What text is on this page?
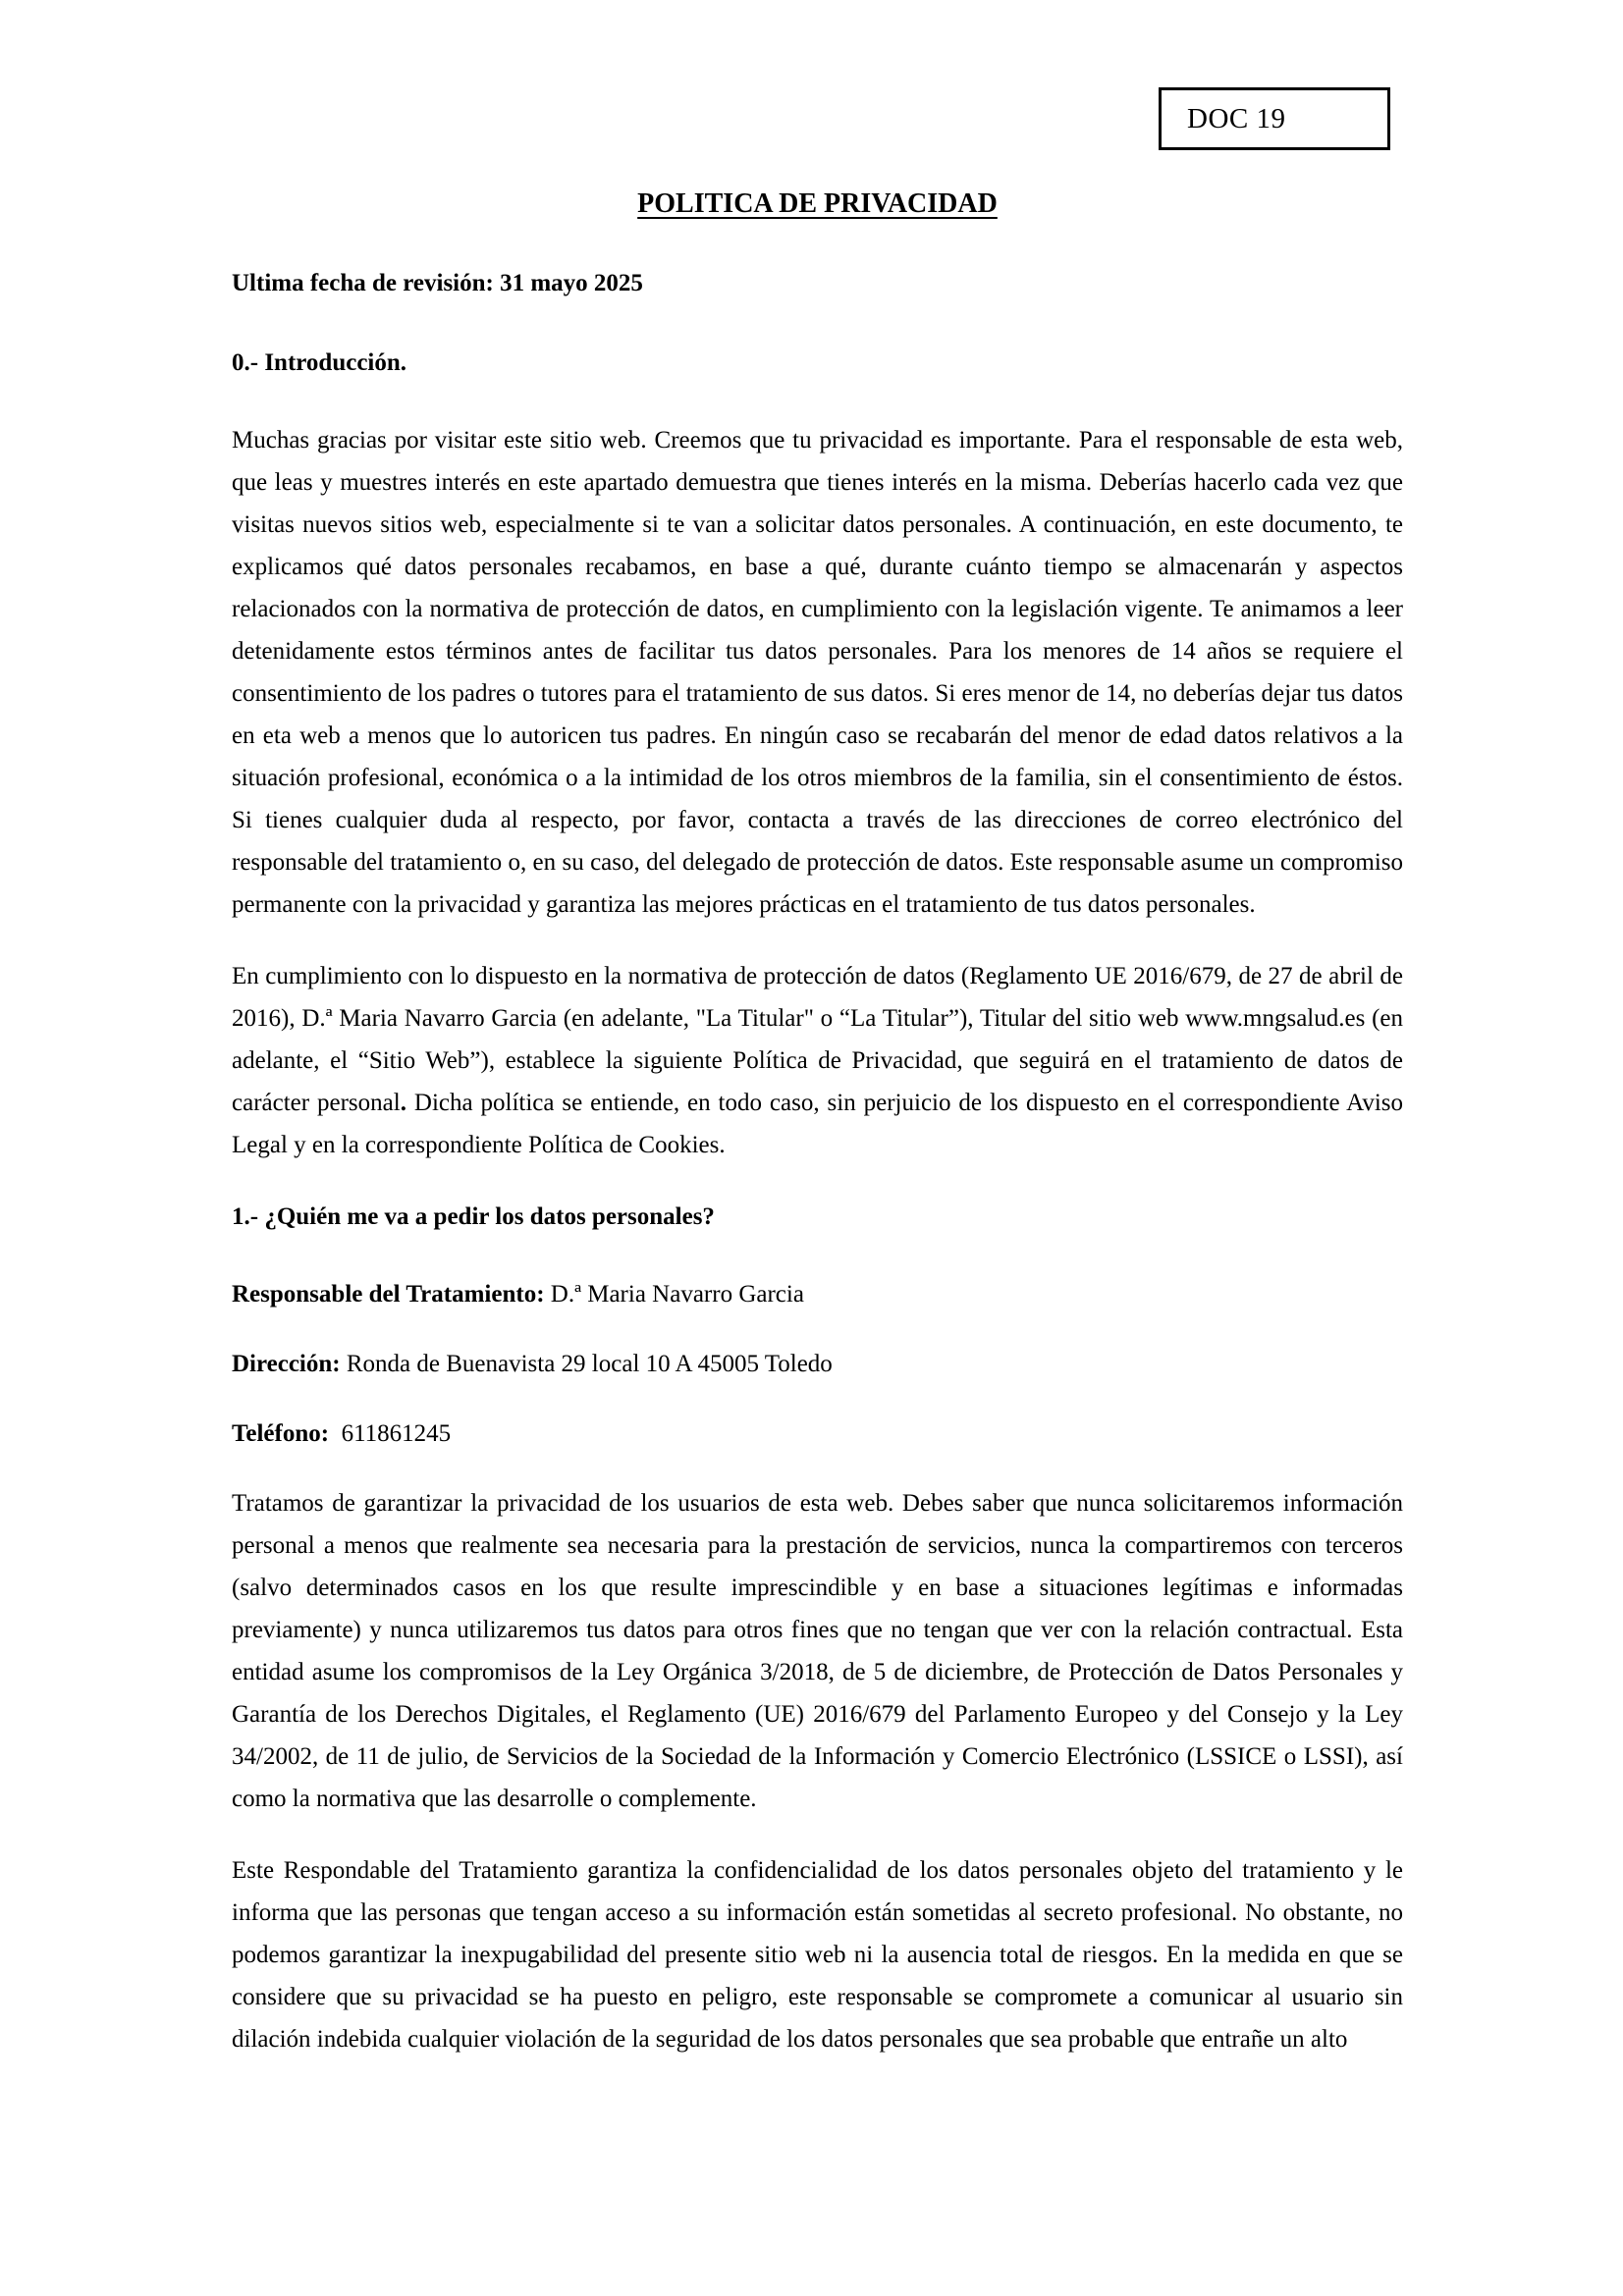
DOC 19
POLITICA DE PRIVACIDAD

Ultima fecha de revisión: 31 mayo 2025

0.- Introducción.

Muchas gracias por visitar este sitio web. Creemos que tu privacidad es importante. Para el responsable de esta web, que leas y muestres interés en este apartado demuestra que tienes interés en la misma. Deberías hacerlo cada vez que visitas nuevos sitios web, especialmente si te van a solicitar datos personales. A continuación, en este documento, te explicamos qué datos personales recabamos, en base a qué, durante cuánto tiempo se almacenarán y aspectos relacionados con la normativa de protección de datos, en cumplimiento con la legislación vigente. Te animamos a leer detenidamente estos términos antes de facilitar tus datos personales. Para los menores de 14 años se requiere el consentimiento de los padres o tutores para el tratamiento de sus datos. Si eres menor de 14, no deberías dejar tus datos en eta web a menos que lo autoricen tus padres. En ningún caso se recabarán del menor de edad datos relativos a la situación profesional, económica o a la intimidad de los otros miembros de la familia, sin el consentimiento de éstos. Si tienes cualquier duda al respecto, por favor, contacta a través de las direcciones de correo electrónico del responsable del tratamiento o, en su caso, del delegado de protección de datos. Este responsable asume un compromiso permanente con la privacidad y garantiza las mejores prácticas en el tratamiento de tus datos personales.

En cumplimiento con lo dispuesto en la normativa de protección de datos (Reglamento UE 2016/679, de 27 de abril de 2016), D.ª Maria Navarro Garcia (en adelante, "La Titular" o “La Titular”), Titular del sitio web www.mngsalud.es (en adelante, el “Sitio Web”), establece la siguiente Política de Privacidad, que seguirá en el tratamiento de datos de carácter personal. Dicha política se entiende, en todo caso, sin perjuicio de los dispuesto en el correspondiente Aviso Legal y en la correspondiente Política de Cookies.

1.- ¿Quién me va a pedir los datos personales?
Responsable del Tratamiento: D.ª Maria Navarro Garcia
Dirección: Ronda de Buenavista 29 local 10 A 45005 Toledo
Teléfono: 611861245

Tratamos de garantizar la privacidad de los usuarios de esta web. Debes saber que nunca solicitaremos información personal a menos que realmente sea necesaria para la prestación de servicios, nunca la compartiremos con terceros (salvo determinados casos en los que resulte imprescindible y en base a situaciones legítimas e informadas previamente) y nunca utilizaremos tus datos para otros fines que no tengan que ver con la relación contractual. Esta entidad asume los compromisos de la Ley Orgánica 3/2018, de 5 de diciembre, de Protección de Datos Personales y Garantía de los Derechos Digitales, el Reglamento (UE) 2016/679 del Parlamento Europeo y del Consejo y la Ley 34/2002, de 11 de julio, de Servicios de la Sociedad de la Información y Comercio Electrónico (LSSICE o LSSI), así como la normativa que las desarrolle o complemente.

Este Respondable del Tratamiento garantiza la confidencialidad de los datos personales objeto del tratamiento y le informa que las personas que tengan acceso a su información están sometidas al secreto profesional. No obstante, no podemos garantizar la inexpugabilidad del presente sitio web ni la ausencia total de riesgos. En la medida en que se considere que su privacidad se ha puesto en peligro, este responsable se compromete a comunicar al usuario sin dilación indebida cualquier violación de la seguridad de los datos personales que sea probable que entrañe un alto
